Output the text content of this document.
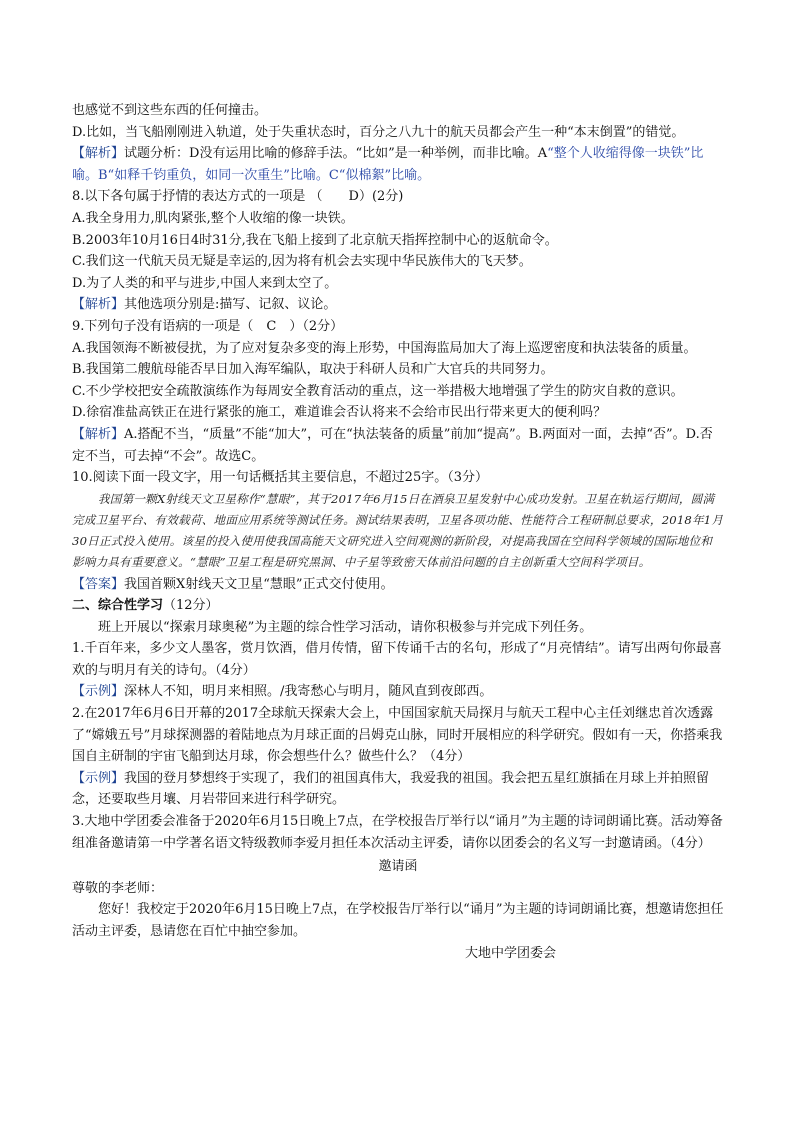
也感觉不到这些东西的任何撞击。

D.比如，当飞船刚刚进入轨道，处于失重状态时，百分之八九十的航天员都会产生一种“本末倒置”的错觉。

【解析】试题分析：D没有运用比喻的修辞手法。“比如”是一种举例，而非比喻。A“整个人收缩得像一块铁”比喻。B“如释千钧重负，如同一次重生”比喻。C“似棉絮”比喻。

8.以下各句属于抒情的表达方式的一项是 （　　D）(2分)

A.我全身用力,肌肉紧张,整个人收缩的像一块铁。

B.2003年10月16日4时31分,我在飞船上接到了北京航天指挥控制中心的返航命令。

C.我们这一代航天员无疑是幸运的,因为将有机会去实现中华民族伟大的飞天梦。

D.为了人类的和平与进步,中国人来到太空了。

【解析】其他选项分别是:描写、记叙、议论。

9.下列句子没有语病的一项是（　C　）（2分）

A.我国领海不断被侵扰，为了应对复杂多变的海上形势，中国海监局加大了海上巡逻密度和执法装备的质量。

B.我国第二艘航母能否早日加入海军编队，取决于科研人员和广大官兵的共同努力。

C.不少学校把安全疏散演练作为每周安全教育活动的重点，这一举措极大地增强了学生的防灾自救的意识。

D.徐宿准盐高铁正在进行紧张的施工，难道谁会否认将来不会给市民出行带来更大的便利吗？

【解析】A.搭配不当，“质量”不能“加大”，可在“执法装备的质量”前加“提高”。B.两面对一面，去掉“否”。D.否定不当，可去掉“不会”。故选C。

10.阅读下面一段文字，用一句话概括其主要信息，不超过25字。（3分）

我国第一颗X射线天文卫星称作“慧眼”，其于2017年6月15日在酒泉卫星发射中心成功发射。卫星在轨运行期间，圆满完成卫星平台、有效载荷、地面应用系统等测试任务。测试结果表明，卫星各项功能、性能符合工程研制总要求，2018年1月30日正式投入使用。该星的投入使用使我国高能天文研究进入空间观测的新阶段，对提高我国在空间科学领域的国际地位和影响力具有重要意义。“慧眼”卫星工程是研究黑洞、中子星等致密天体前沿问题的自主创新重大空间科学项目。

【答案】我国首颗X射线天文卫星“慧眼”正式交付使用。

二、综合性学习（12分）

班上开展以“探索月球奥秘”为主题的综合性学习活动，请你积极参与并完成下列任务。

1.千百年来，多少文人墨客，赏月饮酒，借月传情，留下传诵千古的名句，形成了“月亮情结”。请写出两句你最喜欢的与明月有关的诗句。（4分）

【示例】深林人不知，明月来相照。/我寄愁心与明月，随风直到夜郎西。

2.在2017年6月6日开幕的2017全球航天探索大会上，中国国家航天局探月与航天工程中心主任刘继忠首次透露了“嫦娥五号”月球探测器的着陆地点为月球正面的吕姆克山脉，同时开展相应的科学研究。假如有一天，你搭乘我国自主研制的宇宙飞船到达月球，你会想些什么？做些什么？（4分）

【示例】我国的登月梦想终于实现了，我们的祖国真伟大，我爱我的祖国。我会把五星红旗插在月球上并拍照留念，还要取些月壤、月岩带回来进行科学研究。

3.大地中学团委会准备于2020年6月15日晚上7点，在学校报告厅举行以“诵月”为主题的诗词朗诵比赛。活动筹备组准备邀请第一中学著名语文特级教师李爱月担任本次活动主评委，请你以团委会的名义写一封邀请函。（4分）

邀请函

尊敬的李老师：

您好！我校定于2020年6月15日晚上7点，在学校报告厅举行以“诵月”为主题的诗词朗诵比赛，想邀请您担任活动主评委，恳请您在百忙中抽空参加。

大地中学团委会
